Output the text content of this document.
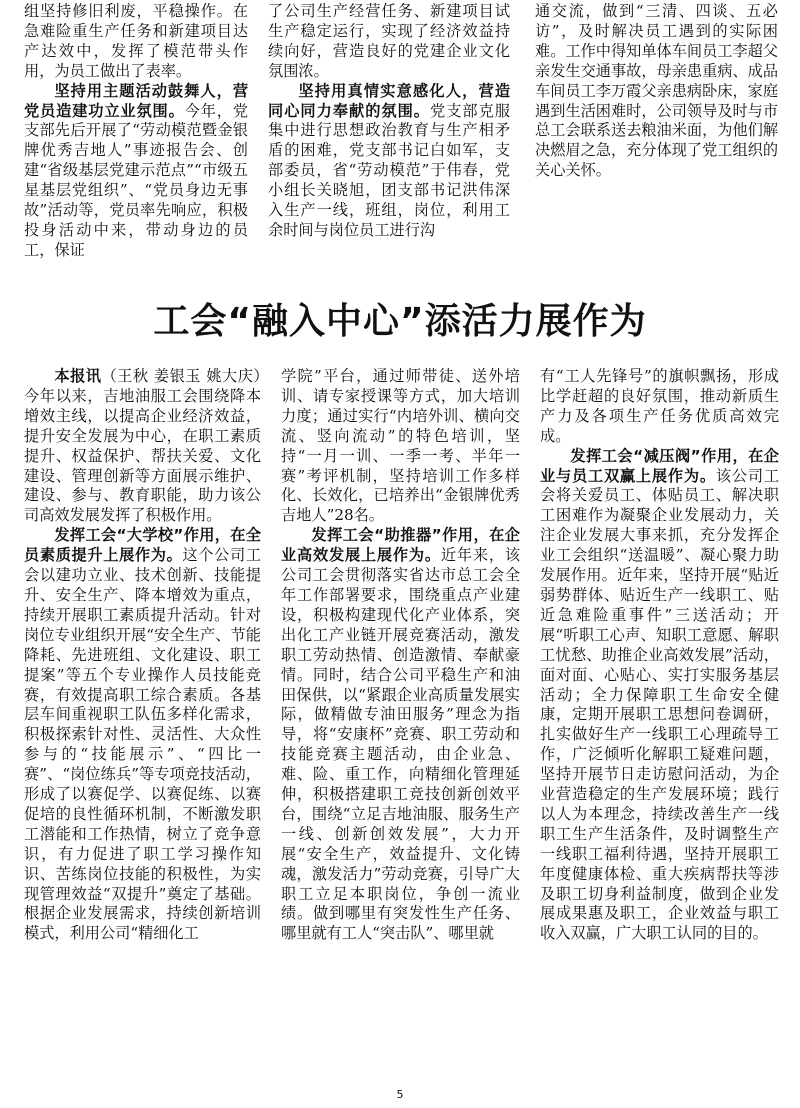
组坚持修旧利废，平稳操作。在急难险重生产任务和新建项目达产达效中，发挥了模范带头作用，为员工做出了表率。

坚持用主题活动鼓舞人，营党员造建功立业氛围。今年，党支部先后开展了“劳动模范暨金银牌优秀吉地人”事迹报告会、创建“省级基层党建示范点”“市级五星基层党组织”、“党员身边无事故”活动等，党员率先响应，积极投身活动中来，带动身边的员工，保证

了公司生产经营任务、新建项目试生产稳定运行，实现了经济效益持续向好，营造良好的党建企业文化氛围浓。

坚持用真情实意感化人，营造同心同力奉献的氛围。党支部克服集中进行思想政治教育与生产相矛盾的困难，党支部书记白如军，支部委员，省“劳动模范”于伟春，党小组长关晓旭，团支部书记洪伟深入生产一线，班组，岗位，利用工余时间与岗位员工进行沟

通交流，做到“三清、四谈、五必访”，及时解决员工遇到的实际困难。工作中得知单体车间员工李超父亲发生交通事故，母亲患重病、成品车间员工李万霞父亲患病卧床，家庭遇到生活困难时，公司领导及时与市总工会联系送去粮油米面，为他们解决燃眉之急，充分体现了党工组织的关心关怀。

工会“融入中心”添活力展作为

本报讯（王秋 姜银玉 姚大庆）今年以来，吉地油服工会围绕降本增效主线，以提高企业经济效益，提升安全发展为中心，在职工素质提升、权益保护、帮扶关爱、文化建设、管理创新等方面展示维护、建设、参与、教育职能，助力该公司高效发展发挥了积极作用。

发挥工会“大学校”作用，在全员素质提升上展作为。这个公司工会以建功立业、技术创新、技能提升、安全生产、降本增效为重点，持续开展职工素质提升活动。针对岗位专业组织开展“安全生产、节能降耗、先进班组、文化建设、职工提案”等五个专业操作人员技能竞赛，有效提高职工综合素质。各基层车间重视职工队伍多样化需求，积极探索针对性、灵活性、大众性参与的“技能展示”、“四比一赛”、“岗位练兵”等专项竞技活动，形成了以赛促学、以赛促练、以赛促培的良性循环机制，不断激发职工潜能和工作热情，树立了竞争意识，有力促进了职工学习操作知识、苦练岗位技能的积极性，为实现管理效益“双提升”奠定了基础。根据企业发展需求，持续创新培训模式，利用公司“精细化工

学院”平台，通过师带徒、送外培训、请专家授课等方式，加大培训力度；通过实行“内培外训、横向交流、竖向流动”的特色培训，坚持“一月一训、一季一考、半年一赛”考评机制，坚持培训工作多样化、长效化，已培养出“金银牌优秀吉地人”28名。

发挥工会“助推器”作用，在企业高效发展上展作为。近年来，该公司工会贯彻落实省达市总工会全年工作部署要求，围绕重点产业建设，积极构建现代化产业体系，突出化工产业链开展竞赛活动，激发职工劳动热情、创造激情、奉献豪情。同时，结合公司平稳生产和油田保供，以“紧跟企业高质量发展实际，做精做专油田服务”理念为指导，将“安康杯”竞赛、职工劳动和技能竞赛主题活动，由企业急、难、险、重工作，向精细化管理延伸，积极搭建职工竞技创新创效平台，围绕“立足吉地油服、服务生产一线、创新创效发展”，大力开展“安全生产，效益提升、文化铸魂，激发活力”劳动竞赛，引导广大职工立足本职岗位，争创一流业绩。做到哪里有突发性生产任务、哪里就有工人“突击队”、哪里就

有“工人先锋号”的旗帜飘扬，形成比学赶超的良好氛围，推动新质生产力及各项生产任务优质高效完成。

发挥工会“减压阀”作用，在企业与员工双赢上展作为。该公司工会将关爱员工、体贴员工、解决职工困难作为凝聚企业发展动力，关注企业发展大事来抓，充分发挥企业工会组织“送温暖”、凝心聚力助发展作用。近年来，坚持开展“贴近弱势群体、贴近生产一线职工、贴近急难险重事件”三送活动；开展“听职工心声、知职工意愿、解职工忧愁、助推企业高效发展”活动，面对面、心贴心、实打实服务基层活动；全力保障职工生命安全健康，定期开展职工思想问卷调研，扎实做好生产一线职工心理疏导工作，广泛倾听化解职工疑难问题，坚持开展节日走访慰问活动，为企业营造稳定的生产发展环境；践行以人为本理念，持续改善生产一线职工生产生活条件，及时调整生产一线职工福利待遇，坚持开展职工年度健康体检、重大疾病帮扶等涉及职工切身利益制度，做到企业发展成果惠及职工，企业效益与职工收入双赢，广大职工认同的目的。

5
